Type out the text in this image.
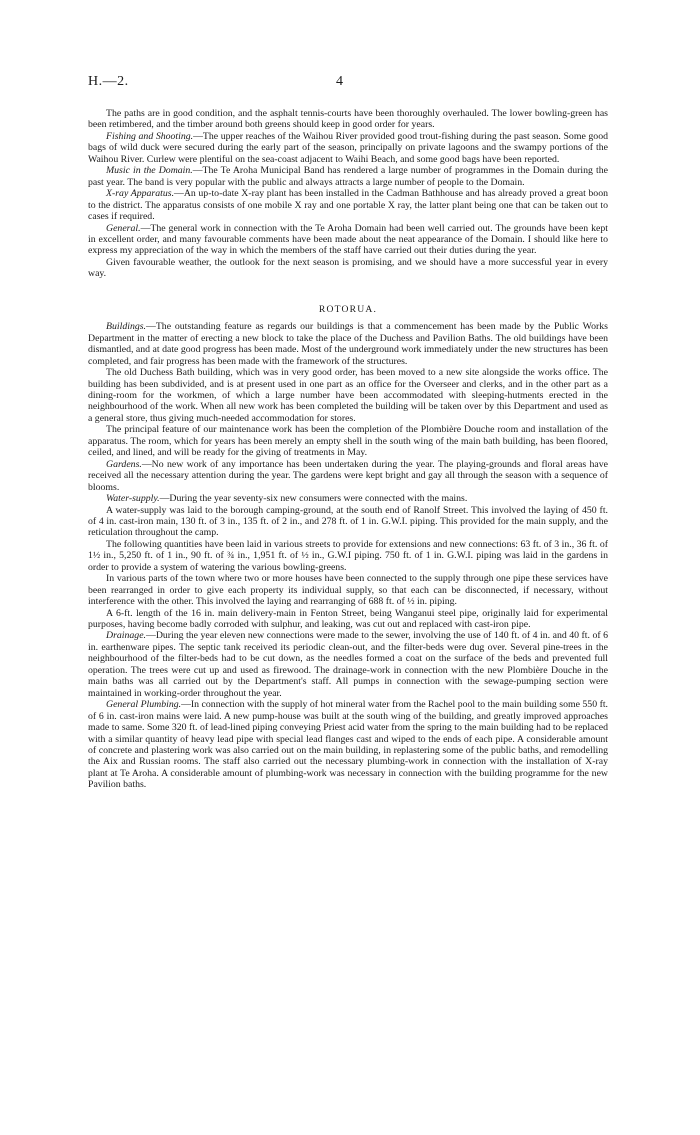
H.—2.	4

The paths are in good condition, and the asphalt tennis-courts have been thoroughly overhauled. The lower bowling-green has been retimbered, and the timber around both greens should keep in good order for years.

Fishing and Shooting.—The upper reaches of the Waihou River provided good trout-fishing during the past season. Some good bags of wild duck were secured during the early part of the season, principally on private lagoons and the swampy portions of the Waihou River. Curlew were plentiful on the sea-coast adjacent to Waihi Beach, and some good bags have been reported.

Music in the Domain.—The Te Aroha Municipal Band has rendered a large number of programmes in the Domain during the past year. The band is very popular with the public and always attracts a large number of people to the Domain.

X-ray Apparatus.—An up-to-date X-ray plant has been installed in the Cadman Bathhouse and has already proved a great boon to the district. The apparatus consists of one mobile X ray and one portable X ray, the latter plant being one that can be taken out to cases if required.

General.—The general work in connection with the Te Aroha Domain had been well carried out. The grounds have been kept in excellent order, and many favourable comments have been made about the neat appearance of the Domain. I should like here to express my appreciation of the way in which the members of the staff have carried out their duties during the year.

Given favourable weather, the outlook for the next season is promising, and we should have a more successful year in every way.

ROTORUA.

Buildings.—The outstanding feature as regards our buildings is that a commencement has been made by the Public Works Department in the matter of erecting a new block to take the place of the Duchess and Pavilion Baths. The old buildings have been dismantled, and at date good progress has been made. Most of the underground work immediately under the new structures has been completed, and fair progress has been made with the framework of the structures.

The old Duchess Bath building, which was in very good order, has been moved to a new site alongside the works office. The building has been subdivided, and is at present used in one part as an office for the Overseer and clerks, and in the other part as a dining-room for the workmen, of which a large number have been accommodated with sleeping-hutments erected in the neighbourhood of the work. When all new work has been completed the building will be taken over by this Department and used as a general store, thus giving much-needed accommodation for stores.

The principal feature of our maintenance work has been the completion of the Plombière Douche room and installation of the apparatus. The room, which for years has been merely an empty shell in the south wing of the main bath building, has been floored, ceiled, and lined, and will be ready for the giving of treatments in May.

Gardens.—No new work of any importance has been undertaken during the year. The playing-grounds and floral areas have received all the necessary attention during the year. The gardens were kept bright and gay all through the season with a sequence of blooms.

Water-supply.—During the year seventy-six new consumers were connected with the mains.

A water-supply was laid to the borough camping-ground, at the south end of Ranolf Street. This involved the laying of 450 ft. of 4 in. cast-iron main, 130 ft. of 3 in., 135 ft. of 2 in., and 278 ft. of 1 in. G.W.I. piping. This provided for the main supply, and the reticulation throughout the camp.

The following quantities have been laid in various streets to provide for extensions and new connections: 63 ft. of 3 in., 36 ft. of 1½ in., 5,250 ft. of 1 in., 90 ft. of ¾ in., 1,951 ft. of ½ in., G.W.I piping. 750 ft. of 1 in. G.W.I. piping was laid in the gardens in order to provide a system of watering the various bowling-greens.

In various parts of the town where two or more houses have been connected to the supply through one pipe these services have been rearranged in order to give each property its individual supply, so that each can be disconnected, if necessary, without interference with the other. This involved the laying and rearranging of 688 ft. of ½ in. piping.

A 6-ft. length of the 16 in. main delivery-main in Fenton Street, being Wanganui steel pipe, originally laid for experimental purposes, having become badly corroded with sulphur, and leaking, was cut out and replaced with cast-iron pipe.

Drainage.—During the year eleven new connections were made to the sewer, involving the use of 140 ft. of 4 in. and 40 ft. of 6 in. earthenware pipes. The septic tank received its periodic clean-out, and the filter-beds were dug over. Several pine-trees in the neighbourhood of the filter-beds had to be cut down, as the needles formed a coat on the surface of the beds and prevented full operation. The trees were cut up and used as firewood. The drainage-work in connection with the new Plombière Douche in the main baths was all carried out by the Department's staff. All pumps in connection with the sewage-pumping section were maintained in working-order throughout the year.

General Plumbing.—In connection with the supply of hot mineral water from the Rachel pool to the main building some 550 ft. of 6 in. cast-iron mains were laid. A new pump-house was built at the south wing of the building, and greatly improved approaches made to same. Some 320 ft. of lead-lined piping conveying Priest acid water from the spring to the main building had to be replaced with a similar quantity of heavy lead pipe with special lead flanges cast and wiped to the ends of each pipe. A considerable amount of concrete and plastering work was also carried out on the main building, in replastering some of the public baths, and remodelling the Aix and Russian rooms. The staff also carried out the necessary plumbing-work in connection with the installation of X-ray plant at Te Aroha. A considerable amount of plumbing-work was necessary in connection with the building programme for the new Pavilion baths.
